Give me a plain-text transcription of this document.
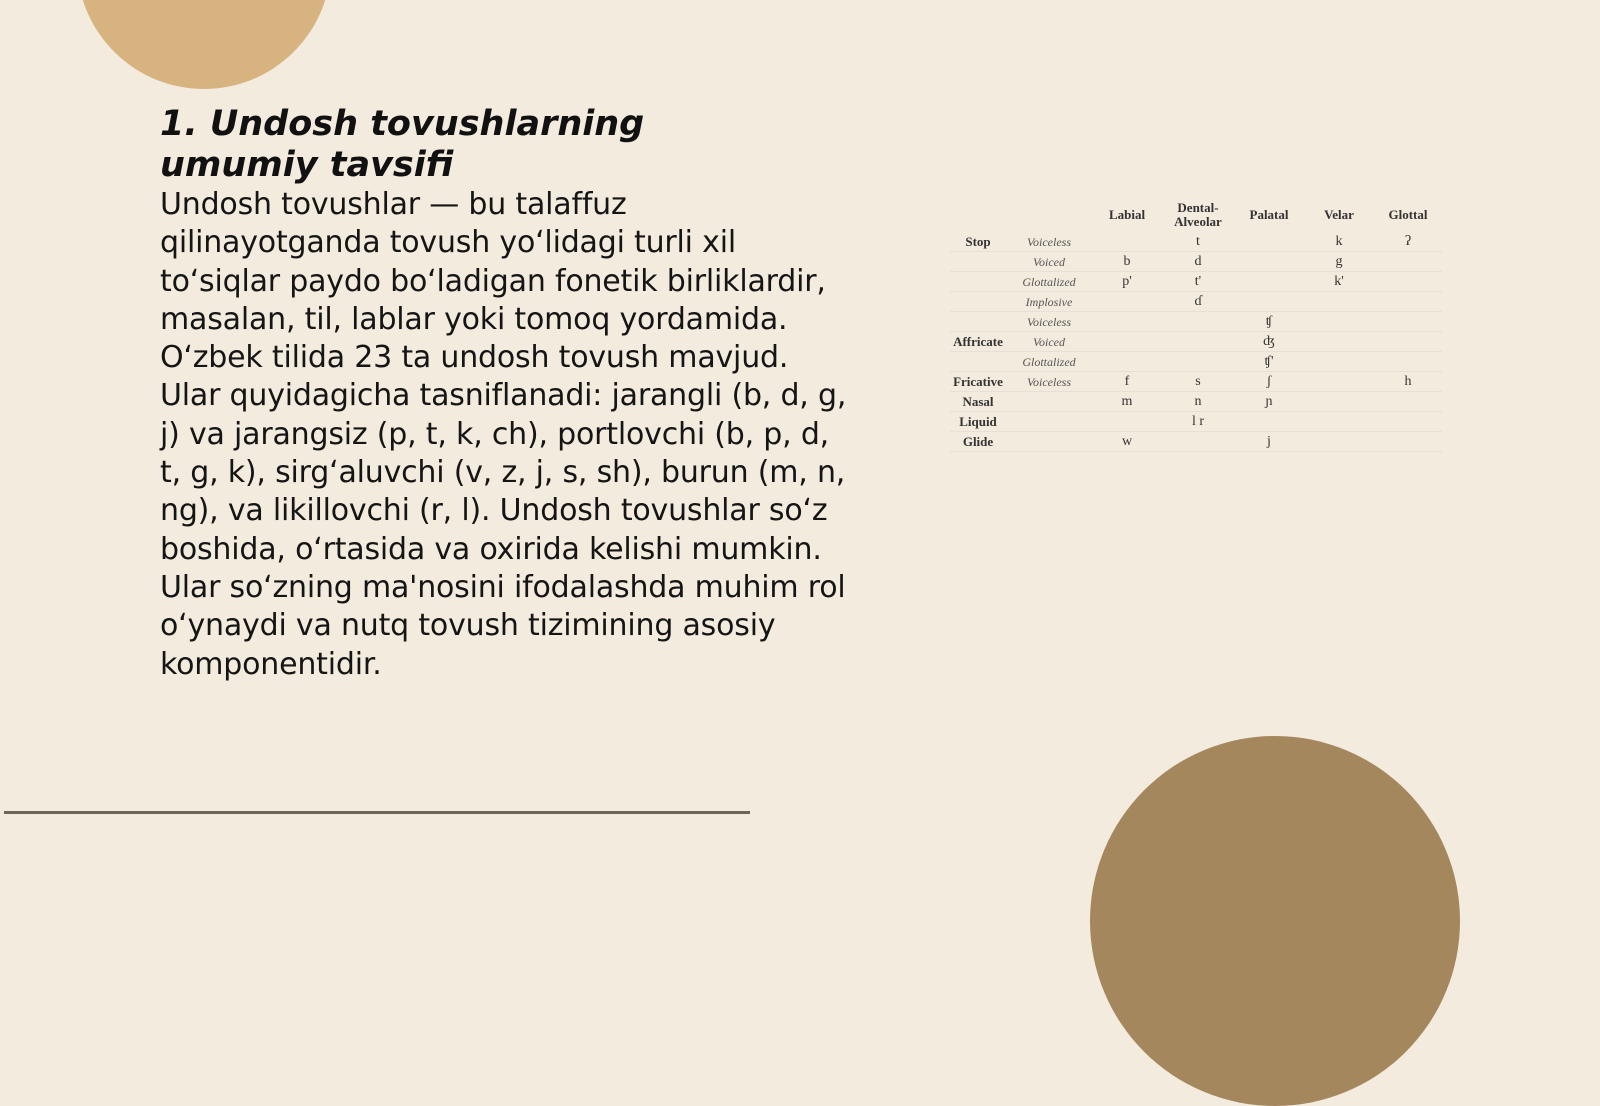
1. Undosh tovushlarning umumiy tavsifi

Undosh tovushlar — bu talaffuz qilinayotganda tovush yo‘lidagi turli xil to‘siqlar paydo bo‘ladigan fonetik birliklardir, masalan, til, lablar yoki tomoq yordamida. O‘zbek tilida 23 ta undosh tovush mavjud. Ular quyidagicha tasniflanadi: jarangli (b, d, g, j) va jarangsiz (p, t, k, ch), portlovchi (b, p, d, t, g, k), sirg‘aluvchi (v, z, j, s, sh), burun (m, n, ng), va likillovchi (r, l). Undosh tovushlar so‘z boshida, o‘rtasida va oxirida kelishi mumkin. Ular so‘zning ma'nosini ifodalashda muhim rol o‘ynaydi va nutq tovush tizimining asosiy komponentidir.

		Labial	Dental-Alveolar	Palatal	Velar	Glottal
Stop	Voiceless		t		k	ʔ
	Voiced	b	d		g	
	Glottalized	p'	t'		k'	
	Implosive		ɗ			
	Voiceless			ʧ		
Affricate	Voiced			ʤ		
	Glottalized			ʧ'		
Fricative	Voiceless	f	s	ʃ		h
Nasal		m	n	ɲ		
Liquid			l r			
Glide		w		j		
